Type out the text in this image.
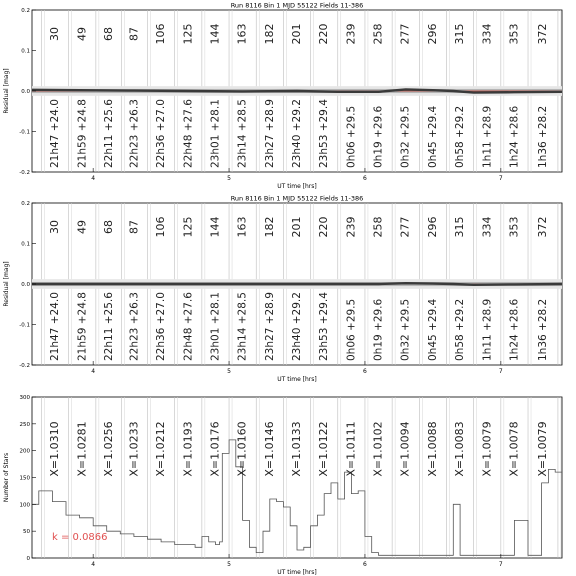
Run 8116 Bin 1 MJD 55122 Fields 11-386
4	5	6	7
UT time [hrs]
-0.2
-0.1
0.0
0.1
0.2
Residual [mag]
30 49 68 87 106 125 144 163 182 201 220 239 258 277 296 315 334 353 372
21h47 +24.0 21h59 +24.8 22h11 +25.6 22h23 +26.3 22h36 +27.0 22h48 +27.6 23h01 +28.1 23h14 +28.5 23h27 +28.9 23h40 +29.2 23h53 +29.4 0h06 +29.5 0h19 +29.6 0h32 +29.5 0h45 +29.4 0h58 +29.2 1h11 +28.9 1h24 +28.6 1h36 +28.2
Run 8116 Bin 1 MJD 55122 Fields 11-386
4	5	6	7
UT time [hrs]
-0.2
-0.1
0.0
0.1
0.2
Residual [mag]
30 49 68 87 106 125 144 163 182 201 220 239 258 277 296 315 334 353 372
21h47 +24.0 21h59 +24.8 22h11 +25.6 22h23 +26.3 22h36 +27.0 22h48 +27.6 23h01 +28.1 23h14 +28.5 23h27 +28.9 23h40 +29.2 23h53 +29.4 0h06 +29.5 0h19 +29.6 0h32 +29.5 0h45 +29.4 0h58 +29.2 1h11 +28.9 1h24 +28.6 1h36 +28.2
4	5	6	7
UT time [hrs]
0
50
100
150
200
250
300
Number of Stars
X=1.0310 X=1.0281 X=1.0256 X=1.0233 X=1.0212 X=1.0193 X=1.0176 X=1.0160 X=1.0146 X=1.0133 X=1.0122 X=1.0111 X=1.0102 X=1.0094 X=1.0088 X=1.0083 X=1.0079 X=1.0078 X=1.0079
k = 0.0866
